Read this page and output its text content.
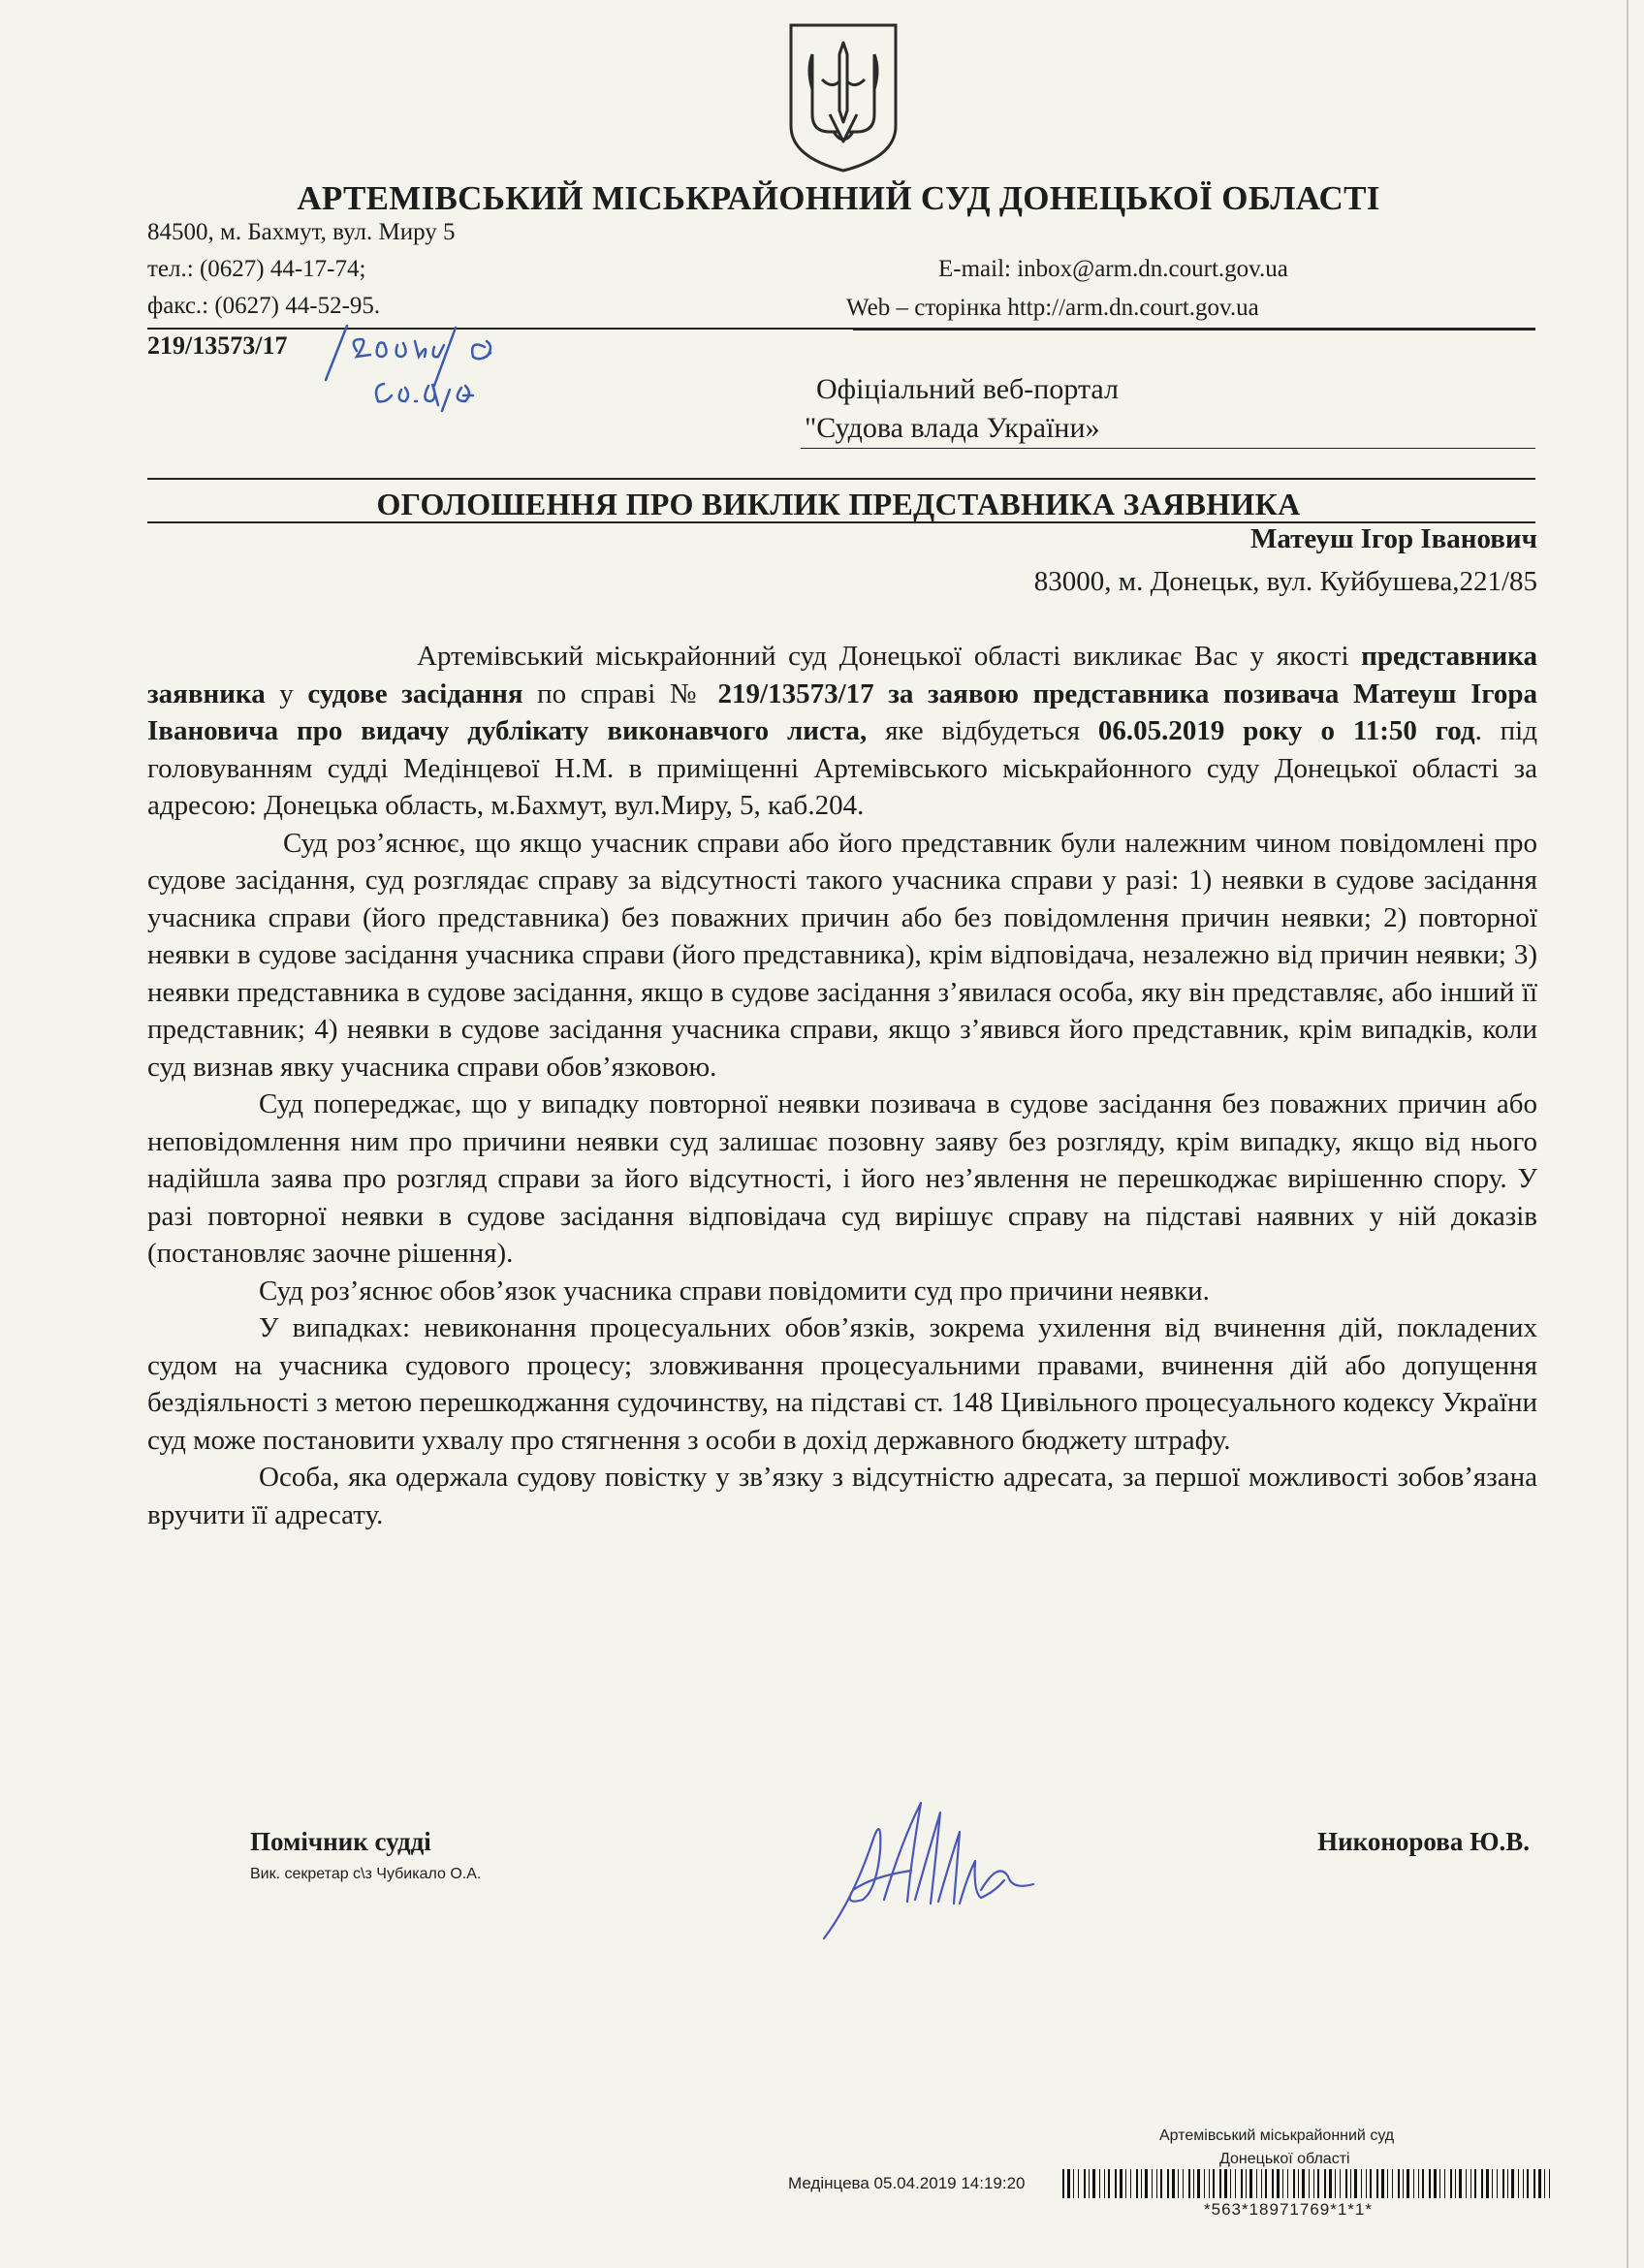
АРТЕМІВСЬКИЙ МІСЬКРАЙОННИЙ СУД ДОНЕЦЬКОЇ ОБЛАСТІ
84500, м. Бахмут, вул. Миру 5
тел.: (0627) 44-17-74;	E-mail: inbox@arm.dn.court.gov.ua
факс.: (0627) 44-52-95.	Web – сторінка http://arm.dn.court.gov.ua
219/13573/17
Офіціальний веб-портал
"Судова влада України»
ОГОЛОШЕННЯ ПРО ВИКЛИК ПРЕДСТАВНИКА ЗАЯВНИКА
Матеуш Ігор Іванович
83000, м. Донецьк, вул. Куйбушева,221/85

Артемівський міськрайонний суд Донецької області викликає Вас у якості представника заявника у судове засідання по справі № 219/13573/17 за заявою представника позивача Матеуш Ігора Івановича про видачу дублікату виконавчого листа, яке відбудеться 06.05.2019 року о 11:50 год. під головуванням судді Медінцевої Н.М. в приміщенні Артемівського міськрайонного суду Донецької області за адресою: Донецька область, м.Бахмут, вул.Миру, 5, каб.204.

Суд роз’яснює, що якщо учасник справи або його представник були належним чином повідомлені про судове засідання, суд розглядає справу за відсутності такого учасника справи у разі: 1) неявки в судове засідання учасника справи (його представника) без поважних причин або без повідомлення причин неявки; 2) повторної неявки в судове засідання учасника справи (його представника), крім відповідача, незалежно від причин неявки; 3) неявки представника в судове засідання, якщо в судове засідання з’явилася особа, яку він представляє, або інший її представник; 4) неявки в судове засідання учасника справи, якщо з’явився його представник, крім випадків, коли суд визнав явку учасника справи обов’язковою.

Суд попереджає, що у випадку повторної неявки позивача в судове засідання без поважних причин або неповідомлення ним про причини неявки суд залишає позовну заяву без розгляду, крім випадку, якщо від нього надійшла заява про розгляд справи за його відсутності, і його нез’явлення не перешкоджає вирішенню спору. У разі повторної неявки в судове засідання відповідача суд вирішує справу на підставі наявних у ній доказів (постановляє заочне рішення).

Суд роз’яснює обов’язок учасника справи повідомити суд про причини неявки.

У випадках: невиконання процесуальних обов’язків, зокрема ухилення від вчинення дій, покладених судом на учасника судового процесу; зловживання процесуальними правами, вчинення дій або допущення бездіяльності з метою перешкоджання судочинству, на підставі ст. 148 Цивільного процесуального кодексу України суд може постановити ухвалу про стягнення з особи в дохід державного бюджету штрафу.

Особа, яка одержала судову повістку у зв’язку з відсутністю адресата, за першої можливості зобов’язана вручити її адресату.

Помічник судді
Вик. секретар с\з Чубикало О.А.
Никонорова Ю.В.
Артемівський міськрайонний суд
Донецької області
Медінцева 05.04.2019 14:19:20
*563*18971769*1*1*
